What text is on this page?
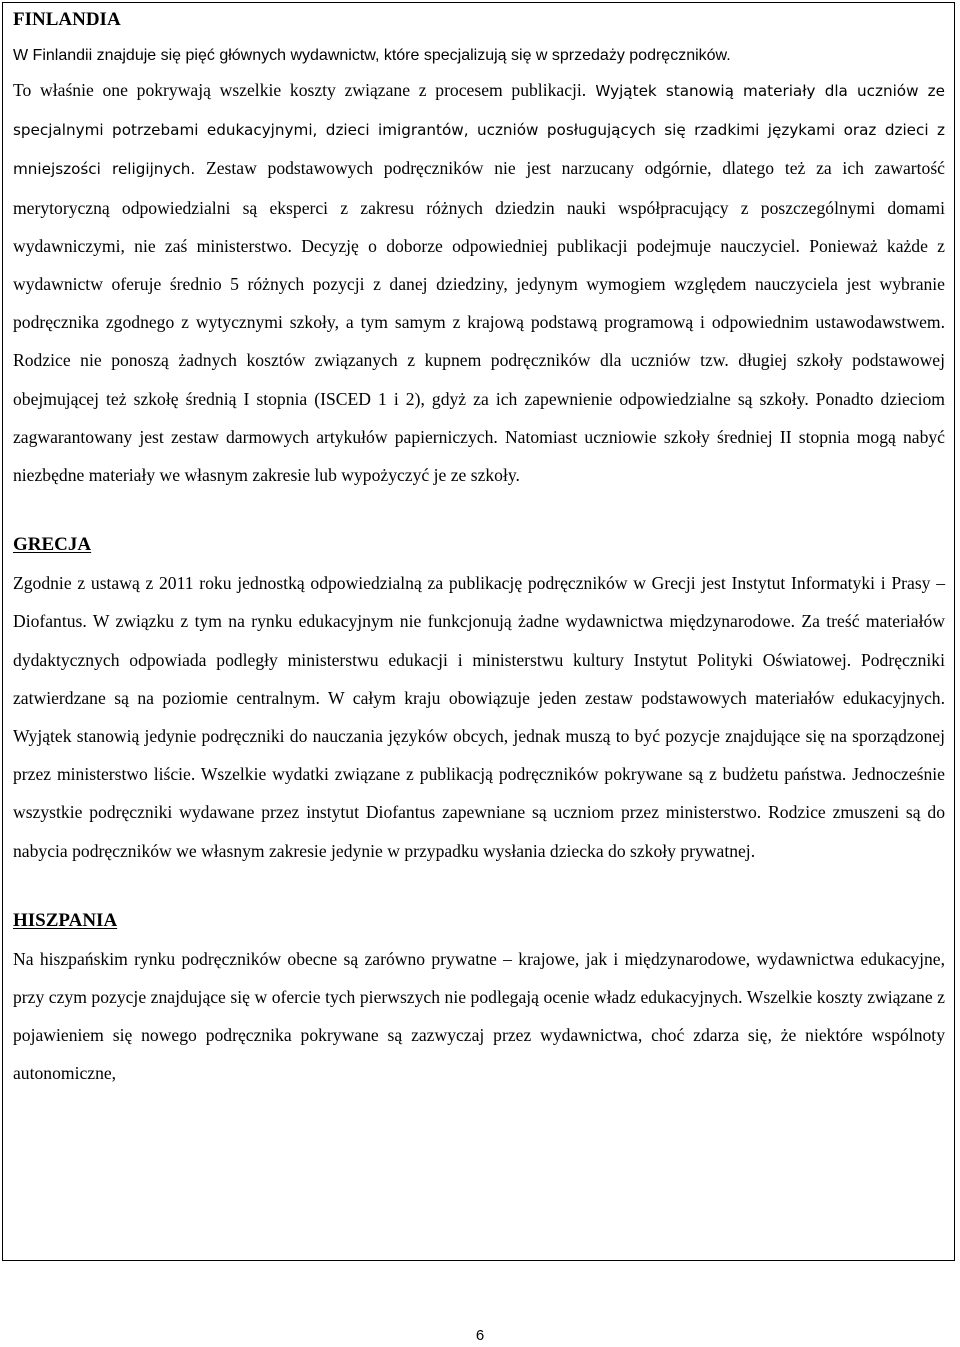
FINLANDIA

W Finlandii znajduje się pięć głównych wydawnictw, które specjalizują się w sprzedaży podręczników.

To właśnie one pokrywają wszelkie koszty związane z procesem publikacji. Wyjątek stanowią materiały dla uczniów ze specjalnymi potrzebami edukacyjnymi, dzieci imigrantów, uczniów posługujących się rzadkimi językami oraz dzieci z mniejszości religijnych. Zestaw podstawowych podręczników nie jest narzucany odgórnie, dlatego też za ich zawartość merytoryczną odpowiedzialni są eksperci z zakresu różnych dziedzin nauki współpracujący z poszczególnymi domami wydawniczymi, nie zaś ministerstwo. Decyzję o doborze odpowiedniej publikacji podejmuje nauczyciel. Ponieważ każde z wydawnictw oferuje średnio 5 różnych pozycji z danej dziedziny, jedynym wymogiem względem nauczyciela jest wybranie podręcznika zgodnego z wytycznymi szkoły, a tym samym z krajową podstawą programową i odpowiednim ustawodawstwem. Rodzice nie ponoszą żadnych kosztów związanych z kupnem podręczników dla uczniów tzw. długiej szkoły podstawowej obejmującej też szkołę średnią I stopnia (ISCED 1 i 2), gdyż za ich zapewnienie odpowiedzialne są szkoły. Ponadto dzieciom zagwarantowany jest zestaw darmowych artykułów papierniczych. Natomiast uczniowie szkoły średniej II stopnia mogą nabyć niezbędne materiały we własnym zakresie lub wypożyczyć je ze szkoły.

GRECJA

Zgodnie z ustawą z 2011 roku jednostką odpowiedzialną za publikację podręczników w Grecji jest Instytut Informatyki i Prasy – Diofantus. W związku z tym na rynku edukacyjnym nie funkcjonują żadne wydawnictwa międzynarodowe. Za treść materiałów dydaktycznych odpowiada podległy ministerstwu edukacji i ministerstwu kultury Instytut Polityki Oświatowej. Podręczniki zatwierdzane są na poziomie centralnym. W całym kraju obowiązuje jeden zestaw podstawowych materiałów edukacyjnych. Wyjątek stanowią jedynie podręczniki do nauczania języków obcych, jednak muszą to być pozycje znajdujące się na sporządzonej przez ministerstwo liście. Wszelkie wydatki związane z publikacją podręczników pokrywane są z budżetu państwa. Jednocześnie wszystkie podręczniki wydawane przez instytut Diofantus zapewniane są uczniom przez ministerstwo. Rodzice zmuszeni są do nabycia podręczników we własnym zakresie jedynie w przypadku wysłania dziecka do szkoły prywatnej.

HISZPANIA

Na hiszpańskim rynku podręczników obecne są zarówno prywatne – krajowe, jak i międzynarodowe, wydawnictwa edukacyjne, przy czym pozycje znajdujące się w ofercie tych pierwszych nie podlegają ocenie władz edukacyjnych. Wszelkie koszty związane z pojawieniem się nowego podręcznika pokrywane są zazwyczaj przez wydawnictwa, choć zdarza się, że niektóre wspólnoty autonomiczne,

6
